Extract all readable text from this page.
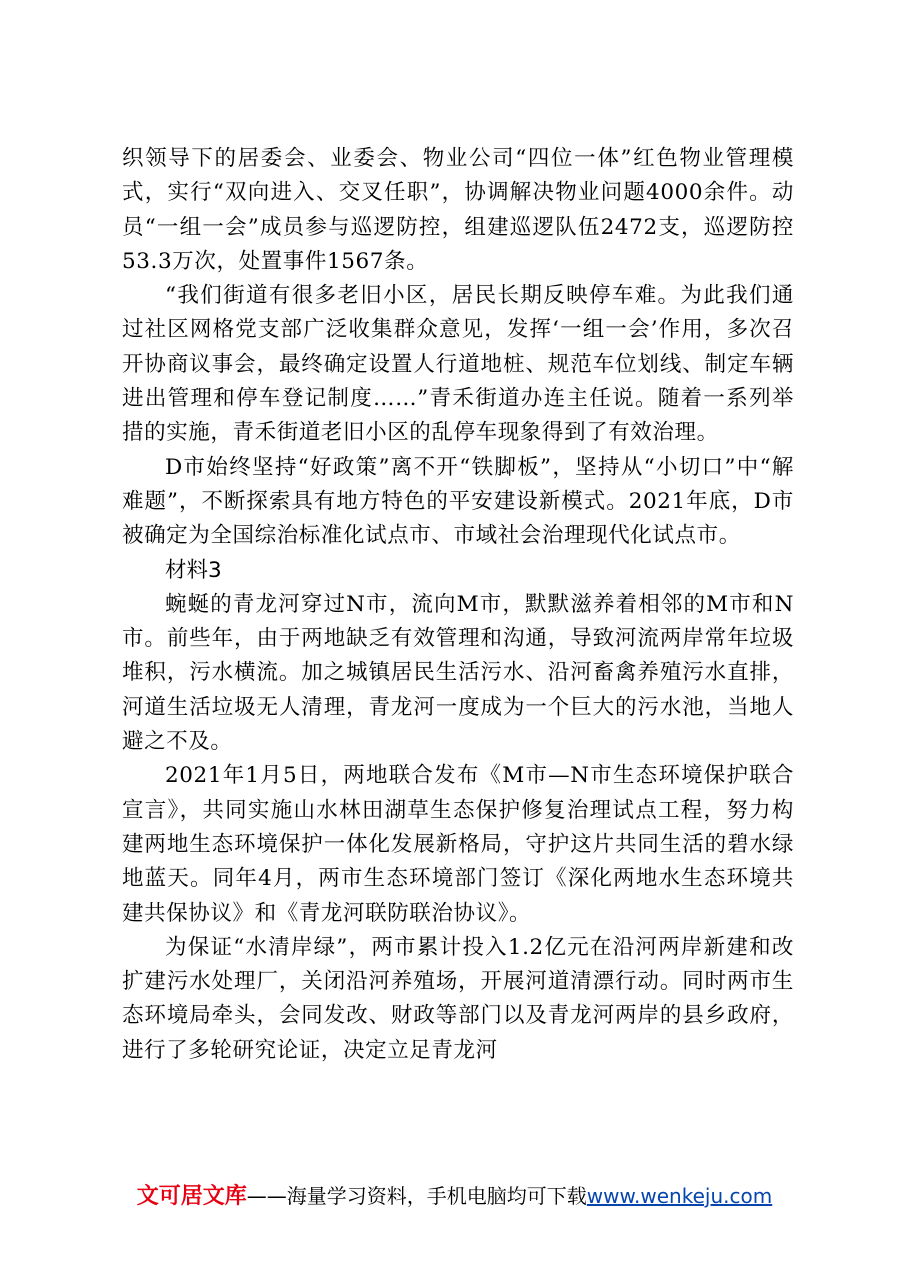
织领导下的居委会、业委会、物业公司“四位一体”红色物业管理模式，实行“双向进入、交叉任职”，协调解决物业问题4000余件。动员“一组一会”成员参与巡逻防控，组建巡逻队伍2472支，巡逻防控53.3万次，处置事件1567条。

“我们街道有很多老旧小区，居民长期反映停车难。为此我们通过社区网格党支部广泛收集群众意见，发挥‘一组一会’作用，多次召开协商议事会，最终确定设置人行道地桩、规范车位划线、制定车辆进出管理和停车登记制度……”青禾街道办连主任说。随着一系列举措的实施，青禾街道老旧小区的乱停车现象得到了有效治理。

D市始终坚持“好政策”离不开“铁脚板”，坚持从“小切口”中“解难题”，不断探索具有地方特色的平安建设新模式。2021年底，D市被确定为全国综治标准化试点市、市域社会治理现代化试点市。

材料3

蜿蜒的青龙河穿过N市，流向M市，默默滋养着相邻的M市和N市。前些年，由于两地缺乏有效管理和沟通，导致河流两岸常年垃圾堆积，污水横流。加之城镇居民生活污水、沿河畜禽养殖污水直排，河道生活垃圾无人清理，青龙河一度成为一个巨大的污水池，当地人避之不及。

2021年1月5日，两地联合发布《M市—N市生态环境保护联合宣言》，共同实施山水林田湖草生态保护修复治理试点工程，努力构建两地生态环境保护一体化发展新格局，守护这片共同生活的碧水绿地蓝天。同年4月，两市生态环境部门签订《深化两地水生态环境共建共保协议》和《青龙河联防联治协议》。

为保证“水清岸绿”，两市累计投入1.2亿元在沿河两岸新建和改扩建污水处理厂，关闭沿河养殖场，开展河道清漂行动。同时两市生态环境局牵头，会同发改、财政等部门以及青龙河两岸的县乡政府，进行了多轮研究论证，决定立足青龙河

文可居文库——海量学习资料，手机电脑均可下载www.wenkeju.com
